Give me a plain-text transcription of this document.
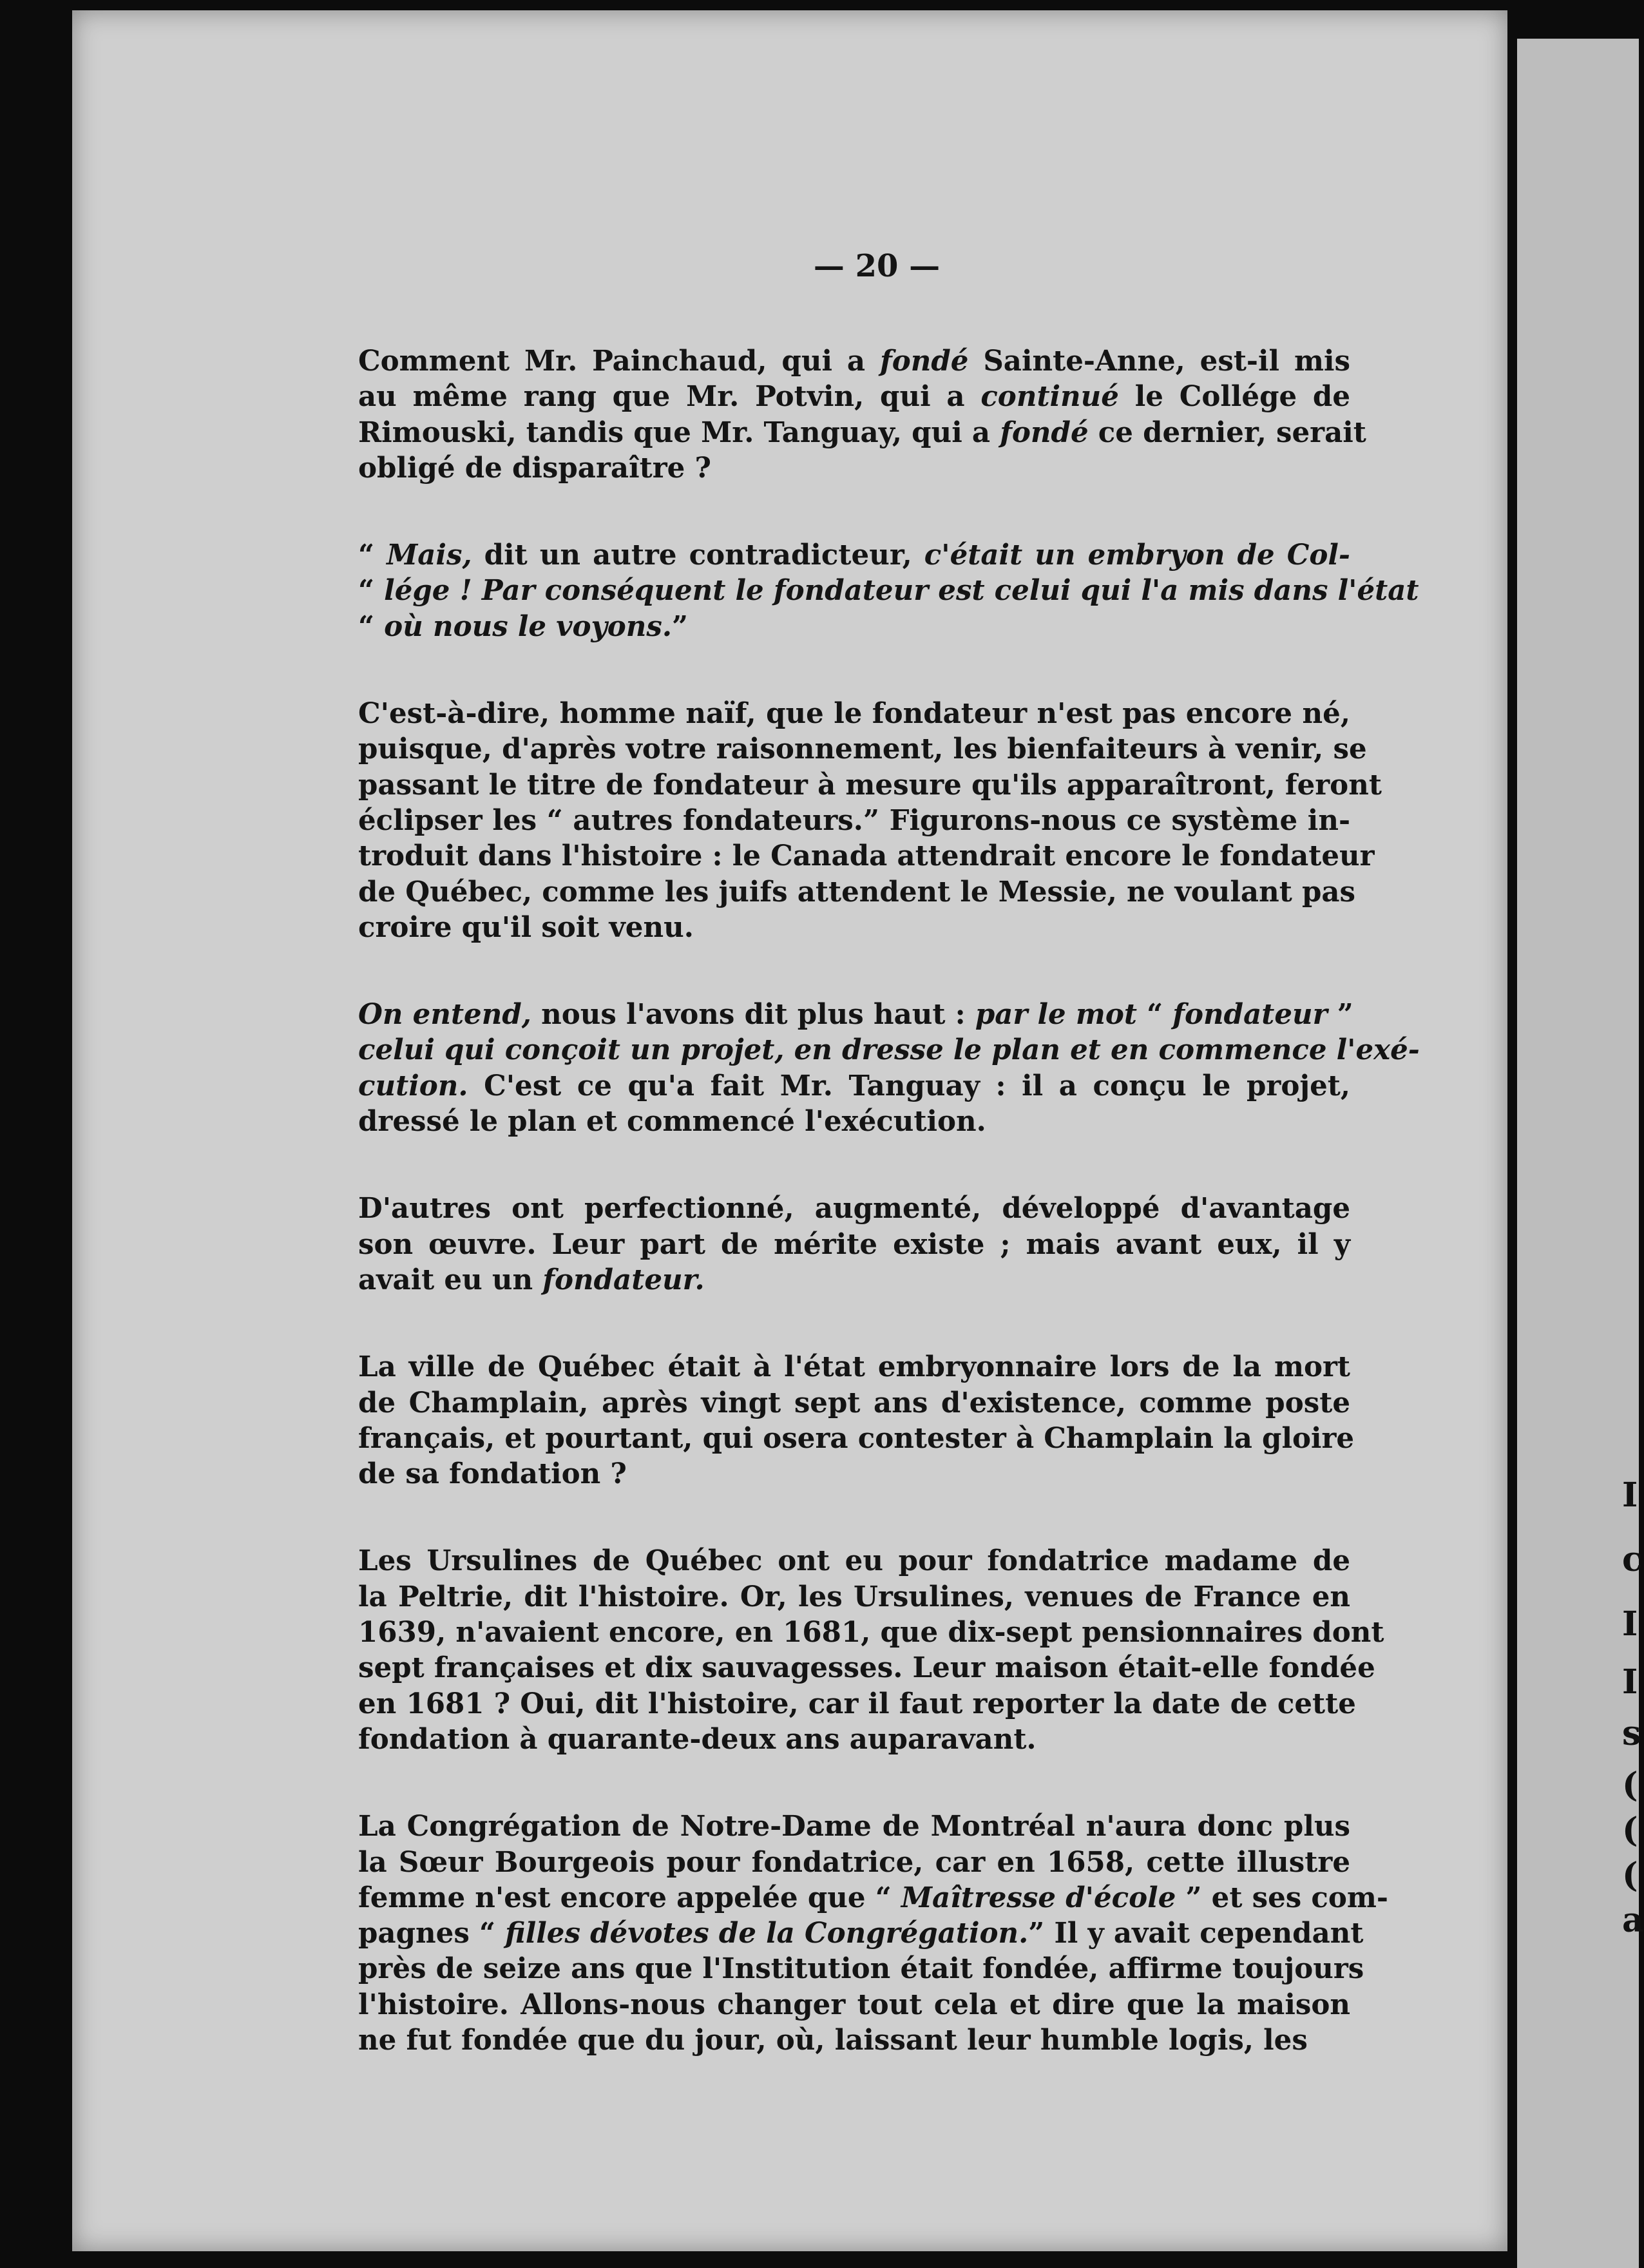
— 20 —
Comment Mr. Painchaud, qui a fondé Sainte-Anne, est-il mis
au même rang que Mr. Potvin, qui a continué le Collége de
Rimouski, tandis que Mr. Tanguay, qui a fondé ce dernier, serait
obligé de disparaître ?
“ Mais, dit un autre contradicteur, c'était un embryon de Col-
“ lége ! Par conséquent le fondateur est celui qui l'a mis dans l'état
“ où nous le voyons.”
C'est-à-dire, homme naïf, que le fondateur n'est pas encore né,
puisque, d'après votre raisonnement, les bienfaiteurs à venir, se
passant le titre de fondateur à mesure qu'ils apparaîtront, feront
éclipser les “ autres fondateurs.” Figurons-nous ce système in-
troduit dans l'histoire : le Canada attendrait encore le fondateur
de Québec, comme les juifs attendent le Messie, ne voulant pas
croire qu'il soit venu.
On entend, nous l'avons dit plus haut : par le mot “ fondateur ”
celui qui conçoit un projet, en dresse le plan et en commence l'exé-
cution. C'est ce qu'a fait Mr. Tanguay : il a conçu le projet,
dressé le plan et commencé l'exécution.
D'autres ont perfectionné, augmenté, développé d'avantage
son œuvre. Leur part de mérite existe ; mais avant eux, il y
avait eu un fondateur.
La ville de Québec était à l'état embryonnaire lors de la mort
de Champlain, après vingt sept ans d'existence, comme poste
français, et pourtant, qui osera contester à Champlain la gloire
de sa fondation ?
Les Ursulines de Québec ont eu pour fondatrice madame de
la Peltrie, dit l'histoire. Or, les Ursulines, venues de France en
1639, n'avaient encore, en 1681, que dix-sept pensionnaires dont
sept françaises et dix sauvagesses. Leur maison était-elle fondée
en 1681 ? Oui, dit l'histoire, car il faut reporter la date de cette
fondation à quarante-deux ans auparavant.
La Congrégation de Notre-Dame de Montréal n'aura donc plus
la Sœur Bourgeois pour fondatrice, car en 1658, cette illustre
femme n'est encore appelée que “ Maîtresse d'école ” et ses com-
pagnes “ filles dévotes de la Congrégation.” Il y avait cependant
près de seize ans que l'Institution était fondée, affirme toujours
l'histoire. Allons-nous changer tout cela et dire que la maison
ne fut fondée que du jour, où, laissant leur humble logis, les
I
c
I
I
s
(
(
(
a
